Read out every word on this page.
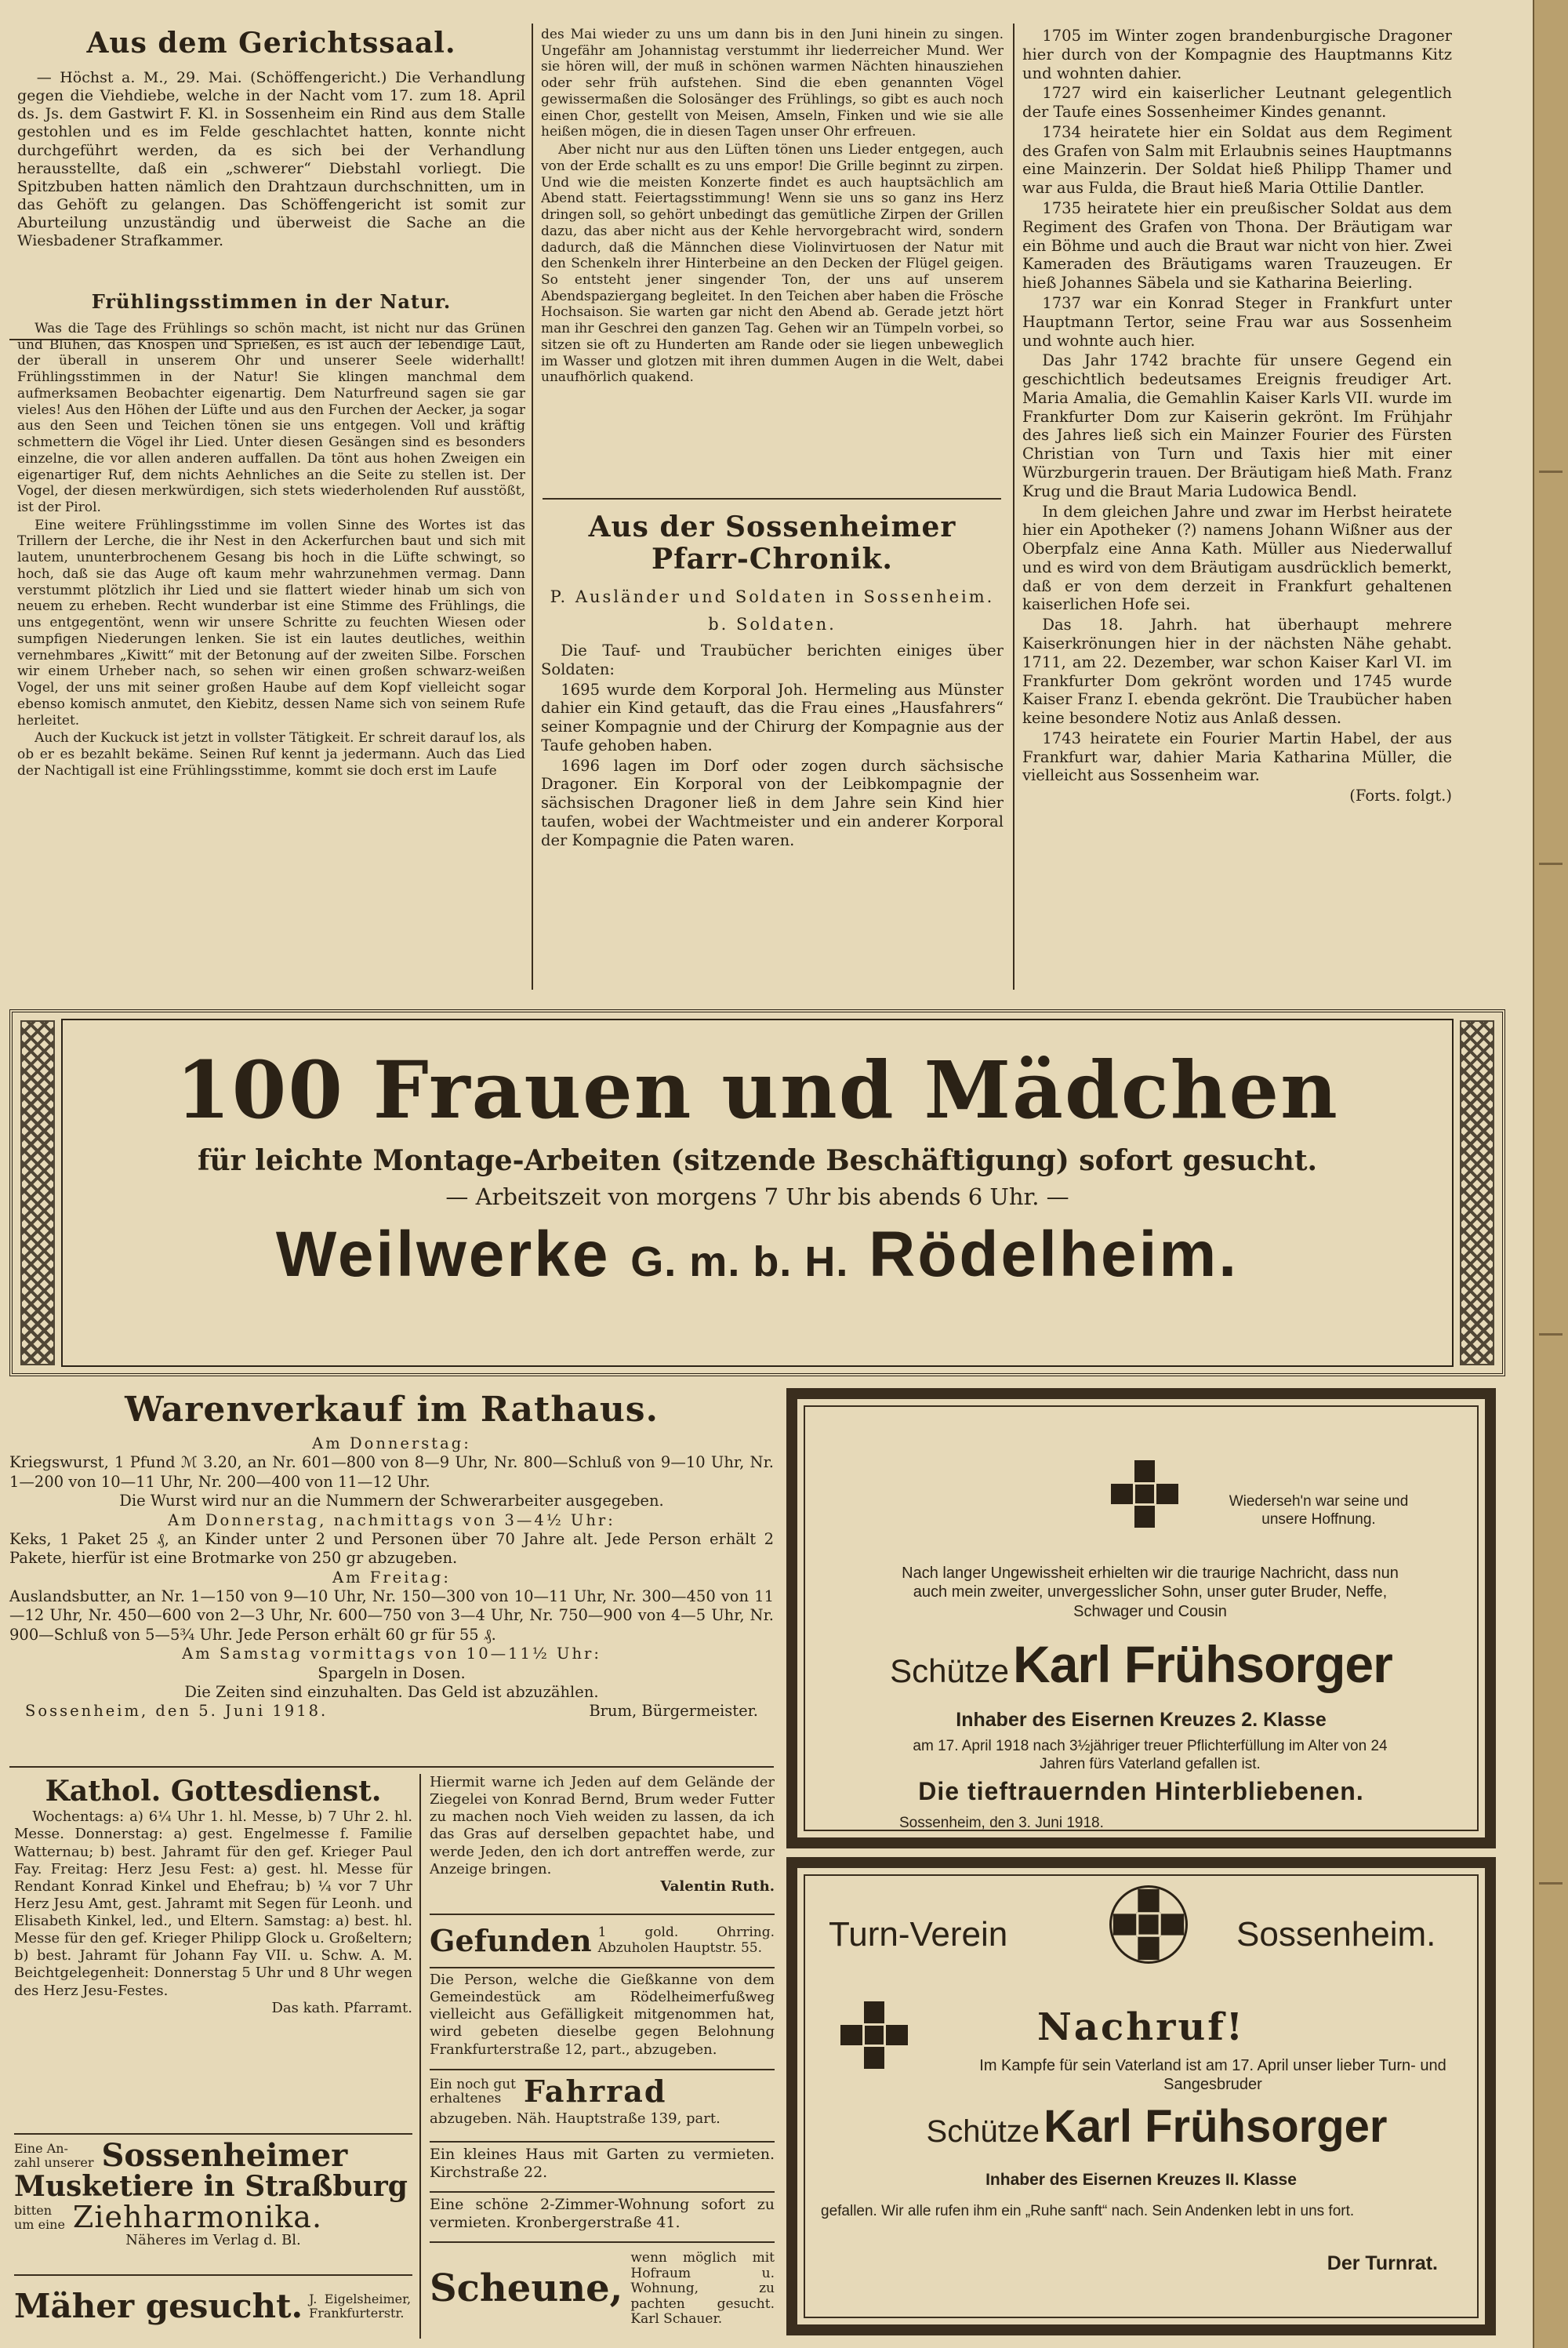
Aus dem Gerichtssaal.

— Höchst a. M., 29. Mai. (Schöffengericht.) Die Verhandlung gegen die Viehdiebe, welche in der Nacht vom 17. zum 18. April ds. Js. dem Gastwirt F. Kl. in Sossenheim ein Rind aus dem Stalle gestohlen und es im Felde geschlachtet hatten, konnte nicht durchgeführt werden, da es sich bei der Verhandlung herausstellte, daß ein „schwerer“ Diebstahl vorliegt. Die Spitzbuben hatten nämlich den Drahtzaun durchschnitten, um in das Gehöft zu gelangen. Das Schöffengericht ist somit zur Aburteilung unzuständig und überweist die Sache an die Wiesbadener Strafkammer.

Frühlingsstimmen in der Natur.

Was die Tage des Frühlings so schön macht, ist nicht nur das Grünen und Blühen, das Knospen und Sprießen, es ist auch der lebendige Laut, der überall in unserem Ohr und unserer Seele widerhallt! Frühlingsstimmen in der Natur! Sie klingen manchmal dem aufmerksamen Beobachter eigenartig. Dem Naturfreund sagen sie gar vieles! Aus den Höhen der Lüfte und aus den Furchen der Aecker, ja sogar aus den Seen und Teichen tönen sie uns entgegen. Voll und kräftig schmettern die Vögel ihr Lied. Unter diesen Gesängen sind es besonders einzelne, die vor allen anderen auffallen. Da tönt aus hohen Zweigen ein eigenartiger Ruf, dem nichts Aehnliches an die Seite zu stellen ist. Der Vogel, der diesen merkwürdigen, sich stets wiederholenden Ruf ausstößt, ist der Pirol.

Eine weitere Frühlingsstimme im vollen Sinne des Wortes ist das Trillern der Lerche, die ihr Nest in den Ackerfurchen baut und sich mit lautem, ununterbrochenem Gesang bis hoch in die Lüfte schwingt, so hoch, daß sie das Auge oft kaum mehr wahrzunehmen vermag. Dann verstummt plötzlich ihr Lied und sie flattert wieder hinab um sich von neuem zu erheben. Recht wunderbar ist eine Stimme des Frühlings, die uns entgegentönt, wenn wir unsere Schritte zu feuchten Wiesen oder sumpfigen Niederungen lenken. Sie ist ein lautes deutliches, weithin vernehmbares „Kiwitt“ mit der Betonung auf der zweiten Silbe. Forschen wir einem Urheber nach, so sehen wir einen großen schwarz-weißen Vogel, der uns mit seiner großen Haube auf dem Kopf vielleicht sogar ebenso komisch anmutet, den Kiebitz, dessen Name sich von seinem Rufe herleitet.

Auch der Kuckuck ist jetzt in vollster Tätigkeit. Er schreit darauf los, als ob er es bezahlt bekäme. Seinen Ruf kennt ja jedermann. Auch das Lied der Nachtigall ist eine Frühlingsstimme, kommt sie doch erst im Laufe

des Mai wieder zu uns um dann bis in den Juni hinein zu singen. Ungefähr am Johannistag verstummt ihr liederreicher Mund. Wer sie hören will, der muß in schönen warmen Nächten hinausziehen oder sehr früh aufstehen. Sind die eben genannten Vögel gewissermaßen die Solosänger des Frühlings, so gibt es auch noch einen Chor, gestellt von Meisen, Amseln, Finken und wie sie alle heißen mögen, die in diesen Tagen unser Ohr erfreuen.

Aber nicht nur aus den Lüften tönen uns Lieder entgegen, auch von der Erde schallt es zu uns empor! Die Grille beginnt zu zirpen. Und wie die meisten Konzerte findet es auch hauptsächlich am Abend statt. Feiertagsstimmung! Wenn sie uns so ganz ins Herz dringen soll, so gehört unbedingt das gemütliche Zirpen der Grillen dazu, das aber nicht aus der Kehle hervorgebracht wird, sondern dadurch, daß die Männchen diese Violinvirtuosen der Natur mit den Schenkeln ihrer Hinterbeine an den Decken der Flügel geigen. So entsteht jener singender Ton, der uns auf unserem Abendspaziergang begleitet. In den Teichen aber haben die Frösche Hochsaison. Sie warten gar nicht den Abend ab. Gerade jetzt hört man ihr Geschrei den ganzen Tag. Gehen wir an Tümpeln vorbei, so sitzen sie oft zu Hunderten am Rande oder sie liegen unbeweglich im Wasser und glotzen mit ihren dummen Augen in die Welt, dabei unaufhörlich quakend.

Aus der Sossenheimer Pfarr-Chronik.

P. Ausländer und Soldaten in Sossenheim.

b. Soldaten.

Die Tauf- und Traubücher berichten einiges über Soldaten:

1695 wurde dem Korporal Joh. Hermeling aus Münster dahier ein Kind getauft, das die Frau eines „Hausfahrers“ seiner Kompagnie und der Chirurg der Kompagnie aus der Taufe gehoben haben.

1696 lagen im Dorf oder zogen durch sächsische Dragoner. Ein Korporal von der Leibkompagnie der sächsischen Dragoner ließ in dem Jahre sein Kind hier taufen, wobei der Wachtmeister und ein anderer Korporal der Kompagnie die Paten waren.

1705 im Winter zogen brandenburgische Dragoner hier durch von der Kompagnie des Hauptmanns Kitz und wohnten dahier.

1727 wird ein kaiserlicher Leutnant gelegentlich der Taufe eines Sossenheimer Kindes genannt.

1734 heiratete hier ein Soldat aus dem Regiment des Grafen von Salm mit Erlaubnis seines Hauptmanns eine Mainzerin. Der Soldat hieß Philipp Thamer und war aus Fulda, die Braut hieß Maria Ottilie Dantler.

1735 heiratete hier ein preußischer Soldat aus dem Regiment des Grafen von Thona. Der Bräutigam war ein Böhme und auch die Braut war nicht von hier. Zwei Kameraden des Bräutigams waren Trauzeugen. Er hieß Johannes Säbela und sie Katharina Beierling.

1737 war ein Konrad Steger in Frankfurt unter Hauptmann Tertor, seine Frau war aus Sossenheim und wohnte auch hier.

Das Jahr 1742 brachte für unsere Gegend ein geschichtlich bedeutsames Ereignis freudiger Art. Maria Amalia, die Gemahlin Kaiser Karls VII. wurde im Frankfurter Dom zur Kaiserin gekrönt. Im Frühjahr des Jahres ließ sich ein Mainzer Fourier des Fürsten Christian von Turn und Taxis hier mit einer Würzburgerin trauen. Der Bräutigam hieß Math. Franz Krug und die Braut Maria Ludowica Bendl.

In dem gleichen Jahre und zwar im Herbst heiratete hier ein Apotheker (?) namens Johann Wißner aus der Oberpfalz eine Anna Kath. Müller aus Niederwalluf und es wird von dem Bräutigam ausdrücklich bemerkt, daß er von dem derzeit in Frankfurt gehaltenen kaiserlichen Hofe sei.

Das 18. Jahrh. hat überhaupt mehrere Kaiserkrönungen hier in der nächsten Nähe gehabt. 1711, am 22. Dezember, war schon Kaiser Karl VI. im Frankfurter Dom gekrönt worden und 1745 wurde Kaiser Franz I. ebenda gekrönt. Die Traubücher haben keine besondere Notiz aus Anlaß dessen.

1743 heiratete ein Fourier Martin Habel, der aus Frankfurt war, dahier Maria Katharina Müller, die vielleicht aus Sossenheim war.

(Forts. folgt.)

100 Frauen und Mädchen
für leichte Montage-Arbeiten (sitzende Beschäftigung) sofort gesucht.
— Arbeitszeit von morgens 7 Uhr bis abends 6 Uhr. —
Weilwerke G. m. b. H. Rödelheim.
Warenverkauf im Rathaus.

Am Donnerstag:

Kriegswurst, 1 Pfund ℳ 3.20, an Nr. 601—800 von 8—9 Uhr, Nr. 800—Schluß von 9—10 Uhr, Nr. 1—200 von 10—11 Uhr, Nr. 200—400 von 11—12 Uhr.

Die Wurst wird nur an die Nummern der Schwerarbeiter ausgegeben.

Am Donnerstag, nachmittags von 3—4½ Uhr:

Keks, 1 Paket 25 ₰, an Kinder unter 2 und Personen über 70 Jahre alt. Jede Person erhält 2 Pakete, hierfür ist eine Brotmarke von 250 gr abzugeben.

Am Freitag:

Auslandsbutter, an Nr. 1—150 von 9—10 Uhr, Nr. 150—300 von 10—11 Uhr, Nr. 300—450 von 11—12 Uhr, Nr. 450—600 von 2—3 Uhr, Nr. 600—750 von 3—4 Uhr, Nr. 750—900 von 4—5 Uhr, Nr. 900—Schluß von 5—5¾ Uhr. Jede Person erhält 60 gr für 55 ₰.

Am Samstag vormittags von 10—11½ Uhr:

Spargeln in Dosen.

Die Zeiten sind einzuhalten. Das Geld ist abzuzählen.

Sossenheim, den 5. Juni 1918.	Brum, Bürgermeister.

Wiederseh'n war seine und unsere Hoffnung.
Nach langer Ungewissheit erhielten wir die traurige Nachricht, dass nun auch mein zweiter, unvergesslicher Sohn, unser guter Bruder, Neffe, Schwager und Cousin
Schütze Karl Frühsorger
Inhaber des Eisernen Kreuzes 2. Klasse
am 17. April 1918 nach 3½jähriger treuer Pflichterfüllung im Alter von 24 Jahren fürs Vaterland gefallen ist.
Die tieftrauernden Hinterbliebenen.
Sossenheim, den 3. Juni 1918.
Turn-Verein	Sossenheim.
Nachruf!
Im Kampfe für sein Vaterland ist am 17. April unser lieber Turn- und Sangesbruder
Schütze Karl Frühsorger
Inhaber des Eisernen Kreuzes II. Klasse
gefallen. Wir alle rufen ihm ein „Ruhe sanft“ nach. Sein Andenken lebt in uns fort.
Der Turnrat.
Kathol. Gottesdienst.
Wochentags: a) 6¼ Uhr 1. hl. Messe, b) 7 Uhr 2. hl. Messe. Donnerstag: a) gest. Engelmesse f. Familie Watternau; b) best. Jahramt für den gef. Krieger Paul Fay. Freitag: Herz Jesu Fest: a) gest. hl. Messe für Rendant Konrad Kinkel und Ehefrau; b) ¼ vor 7 Uhr Herz Jesu Amt, gest. Jahramt mit Segen für Leonh. und Elisabeth Kinkel, led., und Eltern. Samstag: a) best. hl. Messe für den gef. Krieger Philipp Glock u. Großeltern; b) best. Jahramt für Johann Fay VII. u. Schw. A. M. Beichtgelegenheit: Donnerstag 5 Uhr und 8 Uhr wegen des Herz Jesu-Festes.
Das kath. Pfarramt.
Eine An-
zahl unserer Sossenheimer
Musketiere in Straßburg
bitten
um eine Ziehharmonika.
Näheres im Verlag d. Bl.
Mäher gesucht. J. Eigelsheimer, Frankfurterstr.
Hiermit warne ich Jeden auf dem Gelände der Ziegelei von Konrad Bernd, Brum weder Futter zu machen noch Vieh weiden zu lassen, da ich das Gras auf derselben gepachtet habe, und werde Jeden, den ich dort antreffen werde, zur Anzeige bringen.
Valentin Ruth.
Gefunden 1 gold. Ohrring. Abzuholen Hauptstr. 55.
Die Person, welche die Gießkanne von dem Gemeindestück am Rödelheimerfußweg vielleicht aus Gefälligkeit mitgenommen hat, wird gebeten dieselbe gegen Belohnung Frankfurterstraße 12, part., abzugeben.
Ein noch gut erhaltenes Fahrrad
abzugeben. Näh. Hauptstraße 139, part.
Ein kleines Haus mit Garten zu vermieten. Kirchstraße 22.
Eine schöne 2-Zimmer-Wohnung sofort zu vermieten. Kronbergerstraße 41.
Scheune,
wenn möglich mit Hofraum u. Wohnung, zu pachten gesucht. Karl Schauer.
